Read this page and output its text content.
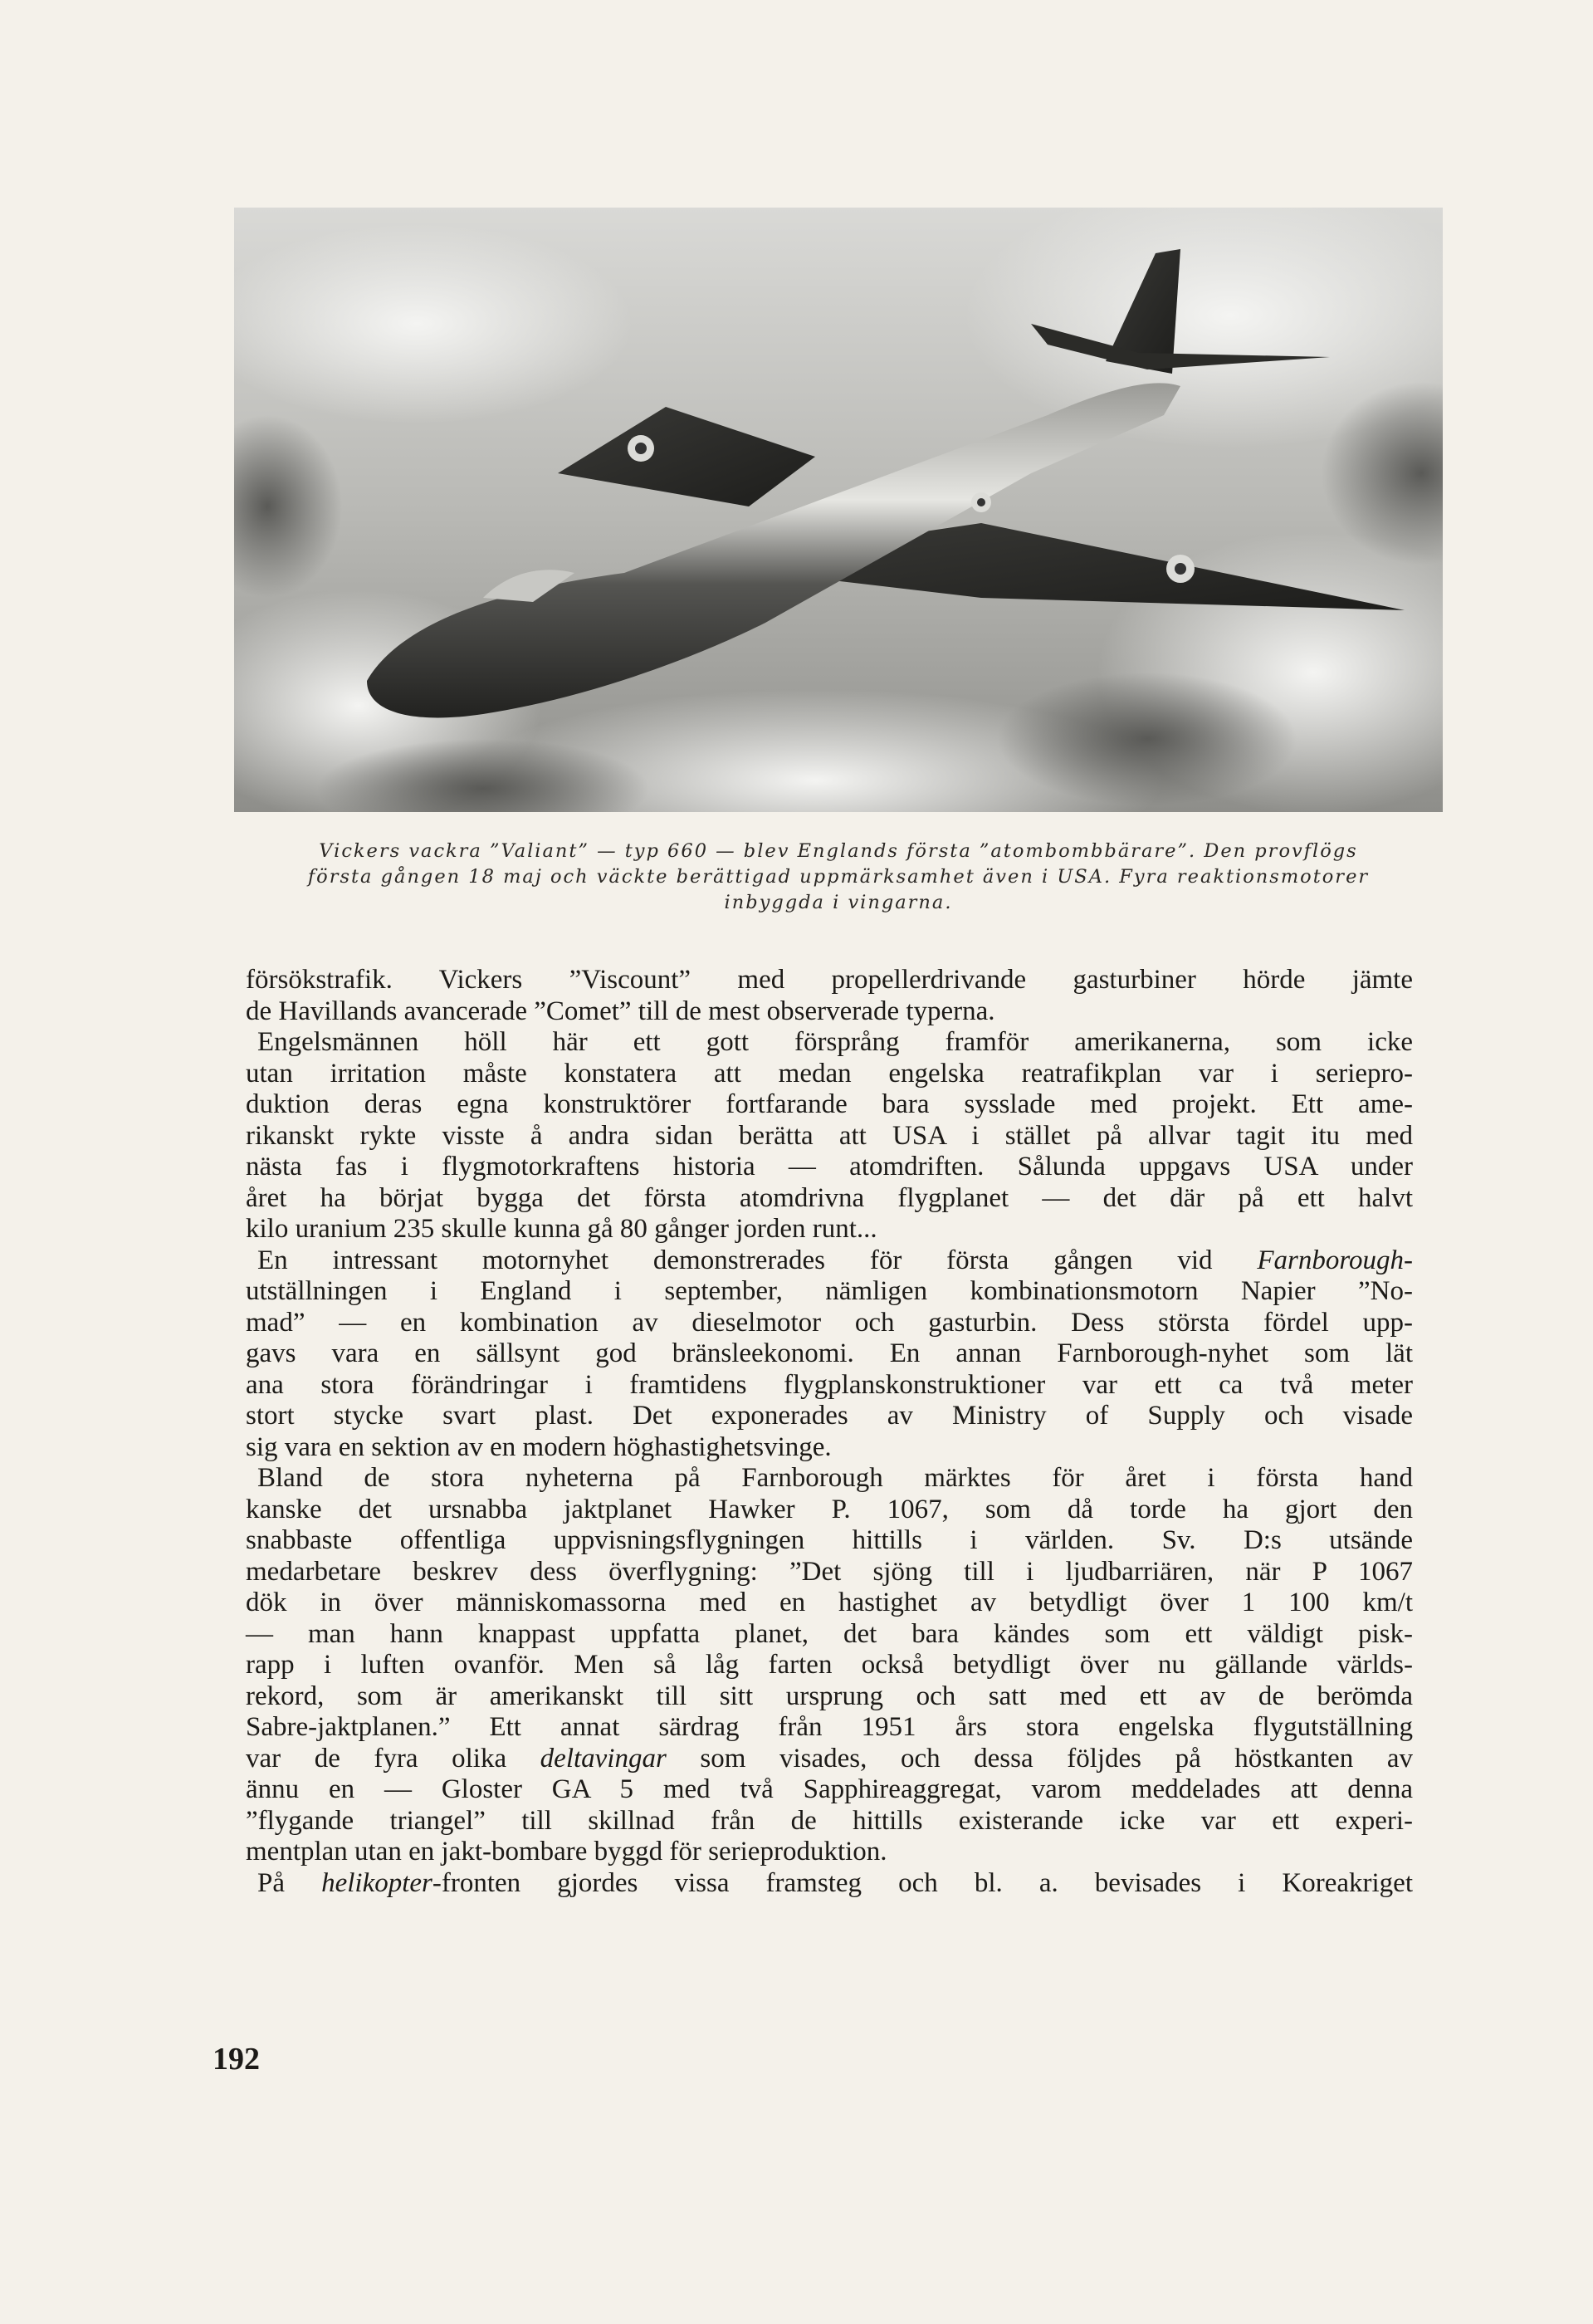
Vickers vackra ”Valiant” — typ 660 — blev Englands första ”atombombbärare”. Den provflögs
första gången 18 maj och väckte berättigad uppmärksamhet även i USA. Fyra reaktionsmotorer
inbyggda i vingarna.
försökstrafik. Vickers ”Viscount” med propellerdrivande gasturbiner hörde jämte
de Havillands avancerade ”Comet” till de mest observerade typerna.
Engelsmännen höll här ett gott försprång framför amerikanerna, som icke
utan irritation måste konstatera att medan engelska reatrafikplan var i seriepro-
duktion deras egna konstruktörer fortfarande bara sysslade med projekt. Ett ame-
rikanskt rykte visste å andra sidan berätta att USA i stället på allvar tagit itu med
nästa fas i flygmotorkraftens historia — atomdriften. Sålunda uppgavs USA under
året ha börjat bygga det första atomdrivna flygplanet — det där på ett halvt
kilo uranium 235 skulle kunna gå 80 gånger jorden runt...
En intressant motornyhet demonstrerades för första gången vid Farnborough-
utställningen i England i september, nämligen kombinationsmotorn Napier ”No-
mad” — en kombination av dieselmotor och gasturbin. Dess största fördel upp-
gavs vara en sällsynt god bränsleekonomi. En annan Farnborough-nyhet som lät
ana stora förändringar i framtidens flygplanskonstruktioner var ett ca två meter
stort stycke svart plast. Det exponerades av Ministry of Supply och visade
sig vara en sektion av en modern höghastighetsvinge.
Bland de stora nyheterna på Farnborough märktes för året i första hand
kanske det ursnabba jaktplanet Hawker P. 1067, som då torde ha gjort den
snabbaste offentliga uppvisningsflygningen hittills i världen. Sv. D:s utsände
medarbetare beskrev dess överflygning: ”Det sjöng till i ljudbarriären, när P 1067
dök in över människomassorna med en hastighet av betydligt över 1 100 km/t
— man hann knappast uppfatta planet, det bara kändes som ett väldigt pisk-
rapp i luften ovanför. Men så låg farten också betydligt över nu gällande världs-
rekord, som är amerikanskt till sitt ursprung och satt med ett av de berömda
Sabre-jaktplanen.” Ett annat särdrag från 1951 års stora engelska flygutställning
var de fyra olika deltavingar som visades, och dessa följdes på höstkanten av
ännu en — Gloster GA 5 med två Sapphireaggregat, varom meddelades att denna
”flygande triangel” till skillnad från de hittills existerande icke var ett experi-
mentplan utan en jakt-bombare byggd för serieproduktion.
På helikopter-fronten gjordes vissa framsteg och bl. a. bevisades i Koreakriget
192
